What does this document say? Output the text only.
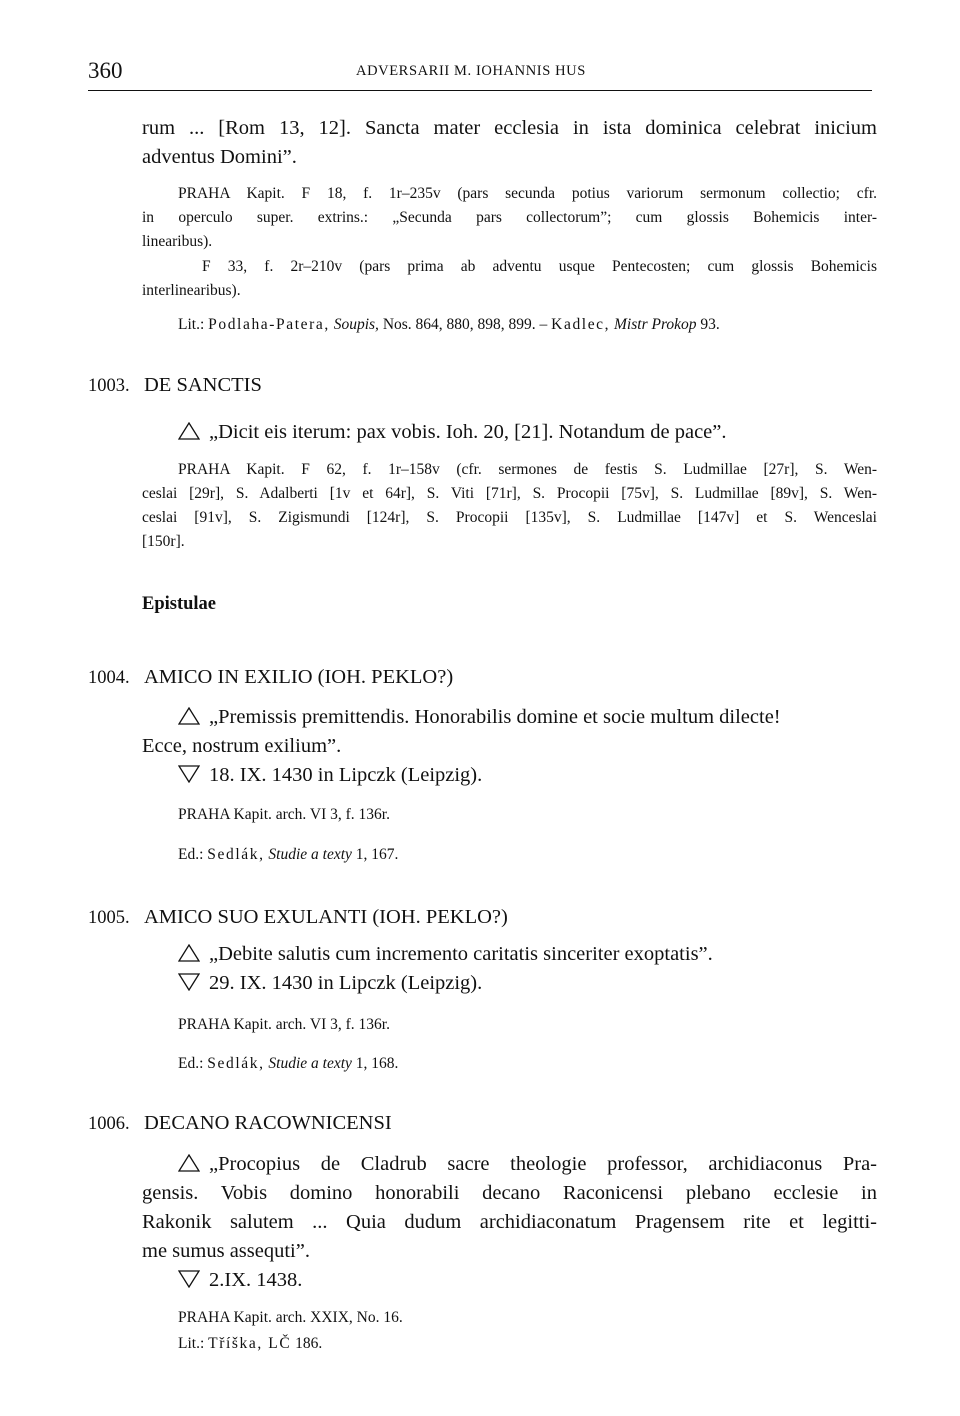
360	ADVERSARII M. IOHANNIS HUS
rum ... [Rom 13, 12]. Sancta mater ecclesia in ista dominica celebrat inicium
adventus Domini”.
PRAHA Kapit. F 18, f. 1r–235v (pars secunda potius variorum sermonum collectio; cfr.
in operculo super. extrins.: „Secunda pars collectorum”; cum glossis Bohemicis inter-
linearibus).
F 33, f. 2r–210v (pars prima ab adventu usque Pentecosten; cum glossis Bohemicis
interlinearibus).
Lit.: Podlaha-Patera, Soupis, Nos. 864, 880, 898, 899. – Kadlec, Mistr Prokop 93.
1003. DE SANCTIS
„Dicit eis iterum: pax vobis. Ioh. 20, [21]. Notandum de pace”.
PRAHA Kapit. F 62, f. 1r–158v (cfr. sermones de festis S. Ludmillae [27r], S. Wen-
ceslai [29r], S. Adalberti [1v et 64r], S. Viti [71r], S. Procopii [75v], S. Ludmillae [89v], S. Wen-
ceslai [91v], S. Zigismundi [124r], S. Procopii [135v], S. Ludmillae [147v] et S. Wenceslai
[150r].
Epistulae
1004. AMICO IN EXILIO (IOH. PEKLO?)
„Premissis premittendis. Honorabilis domine et socie multum dilecte!
Ecce, nostrum exilium”.
18. IX. 1430 in Lipczk (Leipzig).
PRAHA Kapit. arch. VI 3, f. 136r.
Ed.: Sedlák, Studie a texty 1, 167.
1005. AMICO SUO EXULANTI (IOH. PEKLO?)
„Debite salutis cum incremento caritatis sinceriter exoptatis”.
29. IX. 1430 in Lipczk (Leipzig).
PRAHA Kapit. arch. VI 3, f. 136r.
Ed.: Sedlák, Studie a texty 1, 168.
1006. DECANO RACOWNICENSI
„Procopius de Cladrub sacre theologie professor, archidiaconus Pra-
gensis. Vobis domino honorabili decano Raconicensi plebano ecclesie in
Rakonik salutem ... Quia dudum archidiaconatum Pragensem rite et legitti-
me sumus assequti”.
2.IX. 1438.
PRAHA Kapit. arch. XXIX, No. 16.
Lit.: Tříška, LČ 186.
